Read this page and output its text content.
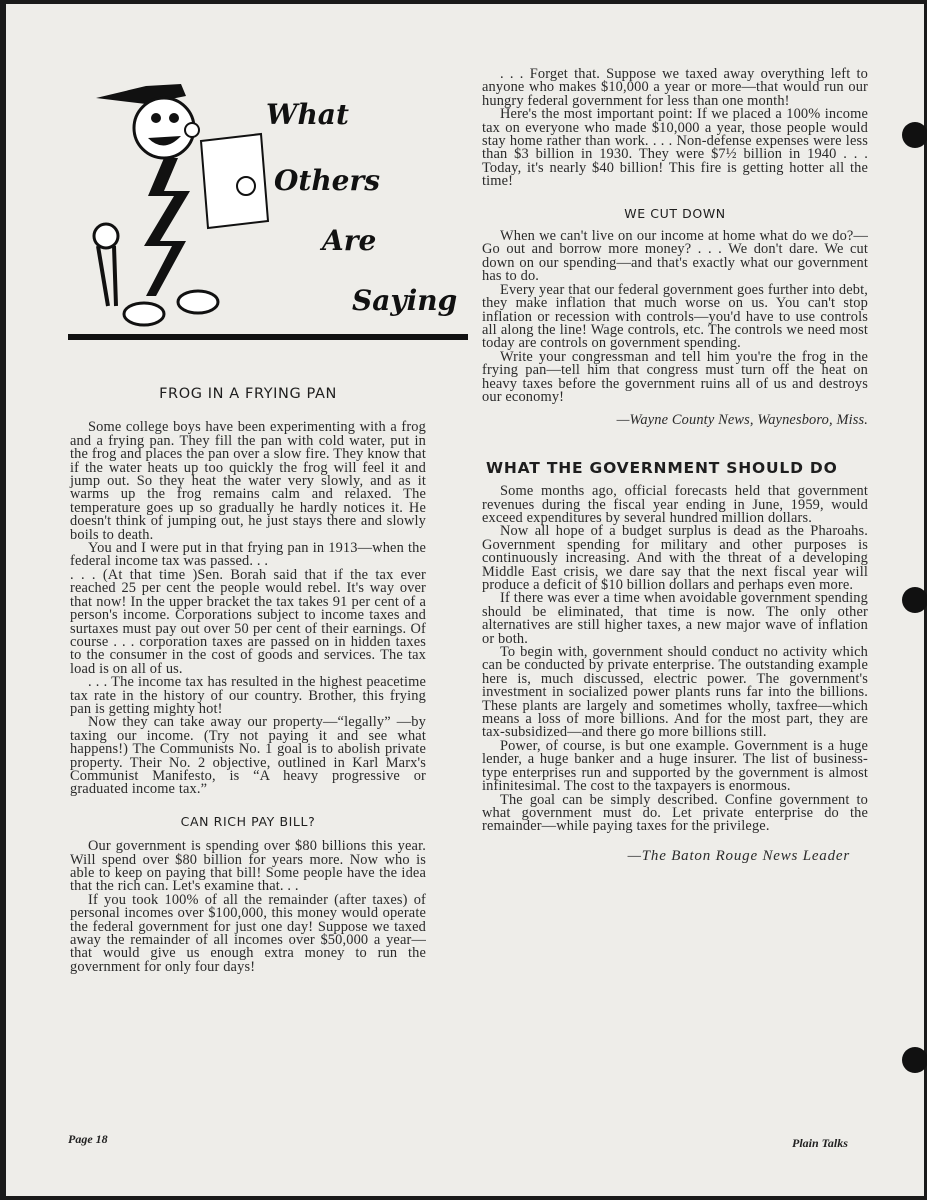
What
Others
Are
Saying
FROG IN A FRYING PAN

Some college boys have been experimenting with a frog and a frying pan. They fill the pan with cold water, put in the frog and places the pan over a slow fire. They know that if the water heats up too quickly the frog will feel it and jump out. So they heat the water very slowly, and as it warms up the frog remains calm and relaxed. The temperature goes up so gradually he hardly notices it. He doesn't think of jumping out, he just stays there and slowly boils to death.

You and I were put in that frying pan in 1913—when the federal income tax was passed. . .

. . . (At that time )Sen. Borah said that if the tax ever reached 25 per cent the people would rebel. It's way over that now! In the upper bracket the tax takes 91 per cent of a person's income. Corporations subject to income taxes and surtaxes must pay out over 50 per cent of their earnings. Of course . . . corporation taxes are passed on in hidden taxes to the consumer in the cost of goods and services. The tax load is on all of us.

. . . The income tax has resulted in the highest peacetime tax rate in the history of our country. Brother, this frying pan is getting mighty hot!

Now they can take away our property—“legally” —by taxing our income. (Try not paying it and see what happens!) The Communists No. 1 goal is to abolish private property. Their No. 2 objective, outlined in Karl Marx's Communist Manifesto, is “A heavy progressive or graduated income tax.”

CAN RICH PAY BILL?

Our government is spending over $80 billions this year. Will spend over $80 billion for years more. Now who is able to keep on paying that bill! Some people have the idea that the rich can. Let's examine that. . .

If you took 100% of all the remainder (after taxes) of personal incomes over $100,000, this money would operate the federal government for just one day! Suppose we taxed away the remainder of all incomes over $50,000 a year—that would give us enough extra money to run the government for only four days!

. . . Forget that. Suppose we taxed away overything left to anyone who makes $10,000 a year or more—that would run our hungry federal government for less than one month!

Here's the most important point: If we placed a 100% income tax on everyone who made $10,000 a year, those people would stay home rather than work. . . . Non-defense expenses were less than $3 billion in 1930. They were $7½ billion in 1940 . . . Today, it's nearly $40 billion! This fire is getting hotter all the time!

WE CUT DOWN

When we can't live on our income at home what do we do?—Go out and borrow more money? . . . We don't dare. We cut down on our spending—and that's exactly what our government has to do.

Every year that our federal government goes further into debt, they make inflation that much worse on us. You can't stop inflation or recession with controls—you'd have to use controls all along the line! Wage controls, etc. The controls we need most today are controls on government spending.

Write your congressman and tell him you're the frog in the frying pan—tell him that congress must turn off the heat on heavy taxes before the government ruins all of us and destroys our economy!

—Wayne County News, Waynesboro, Miss.
WHAT THE GOVERNMENT SHOULD DO

Some months ago, official forecasts held that government revenues during the fiscal year ending in June, 1959, would exceed expenditures by several hundred million dollars.

Now all hope of a budget surplus is dead as the Pharoahs. Government spending for military and other purposes is continuously increasing. And with the threat of a developing Middle East crisis, we dare say that the next fiscal year will produce a deficit of $10 billion dollars and perhaps even more.

If there was ever a time when avoidable government spending should be eliminated, that time is now. The only other alternatives are still higher taxes, a new major wave of inflation or both.

To begin with, government should conduct no activity which can be conducted by private enterprise. The outstanding example here is, much discussed, electric power. The government's investment in socialized power plants runs far into the billions. These plants are largely and sometimes wholly, taxfree—which means a loss of more billions. And for the most part, they are tax-subsidized—and there go more billions still.

Power, of course, is but one example. Government is a huge lender, a huge banker and a huge insurer. The list of business-type enterprises run and supported by the government is almost infinitesimal. The cost to the taxpayers is enormous.

The goal can be simply described. Confine government to what government must do. Let private enterprise do the remainder—while paying taxes for the privilege.

—The Baton Rouge News Leader
Page 18	Plain Talks
